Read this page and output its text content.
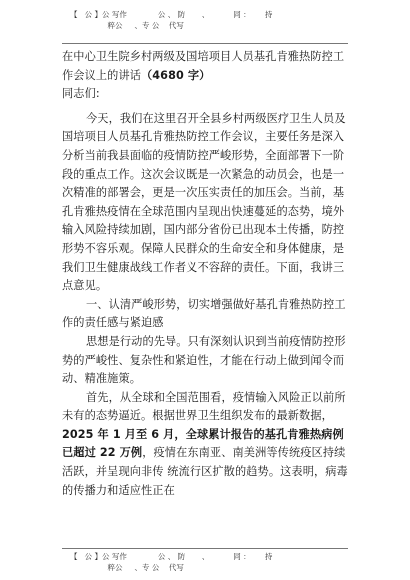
【   公 】公 写作             公 、 防       、          同 ：      持
粹公     、专 公    代写
在中心卫生院乡村两级及国培项目人员基孔肯雅热防控工
作会议上的讲话（4680 字）

同志们:

今天，我们在这里召开全县乡村两级医疗卫生人员及国培项目人员基孔肯雅热防控工作会议，主要任务是深入分析当前我县面临的疫情防控严峻形势，全面部署下一阶段的重点工作。这次会议既是一次紧急的动员会，也是一次精准的部署会，更是一次压实责任的加压会。当前，基孔肯雅热疫情在全球范围内呈现出快速蔓延的态势，境外输入风险持续加剧，国内部分省份已出现本土传播，防控形势不容乐观。保障人民群众的生命安全和身体健康，是我们卫生健康战线工作者义不容辞的责任。下面，我讲三点意见。

一、认清严峻形势，切实增强做好基孔肯雅热防控工作的责任感与紧迫感

思想是行动的先导。只有深刻认识到当前疫情防控形势的严峻性、复杂性和紧迫性，才能在行动上做到闻令而动、精准施策。

首先，从全球和全国范围看，疫情输入风险正以前所未有的态势逼近。根据世界卫生组织发布的最新数据，2025 年 1 月至 6 月，全球累计报告的基孔肯雅热病例已超过 22 万例，疫情在东南亚、南美洲等传统疫区持续活跃，并呈现向非传 统流行区扩散的趋势。这表明，病毒的传播力和适应性正在

【   公 】公 写作             公 、 防       、          同 ：      持
粹公     、专 公    代写
